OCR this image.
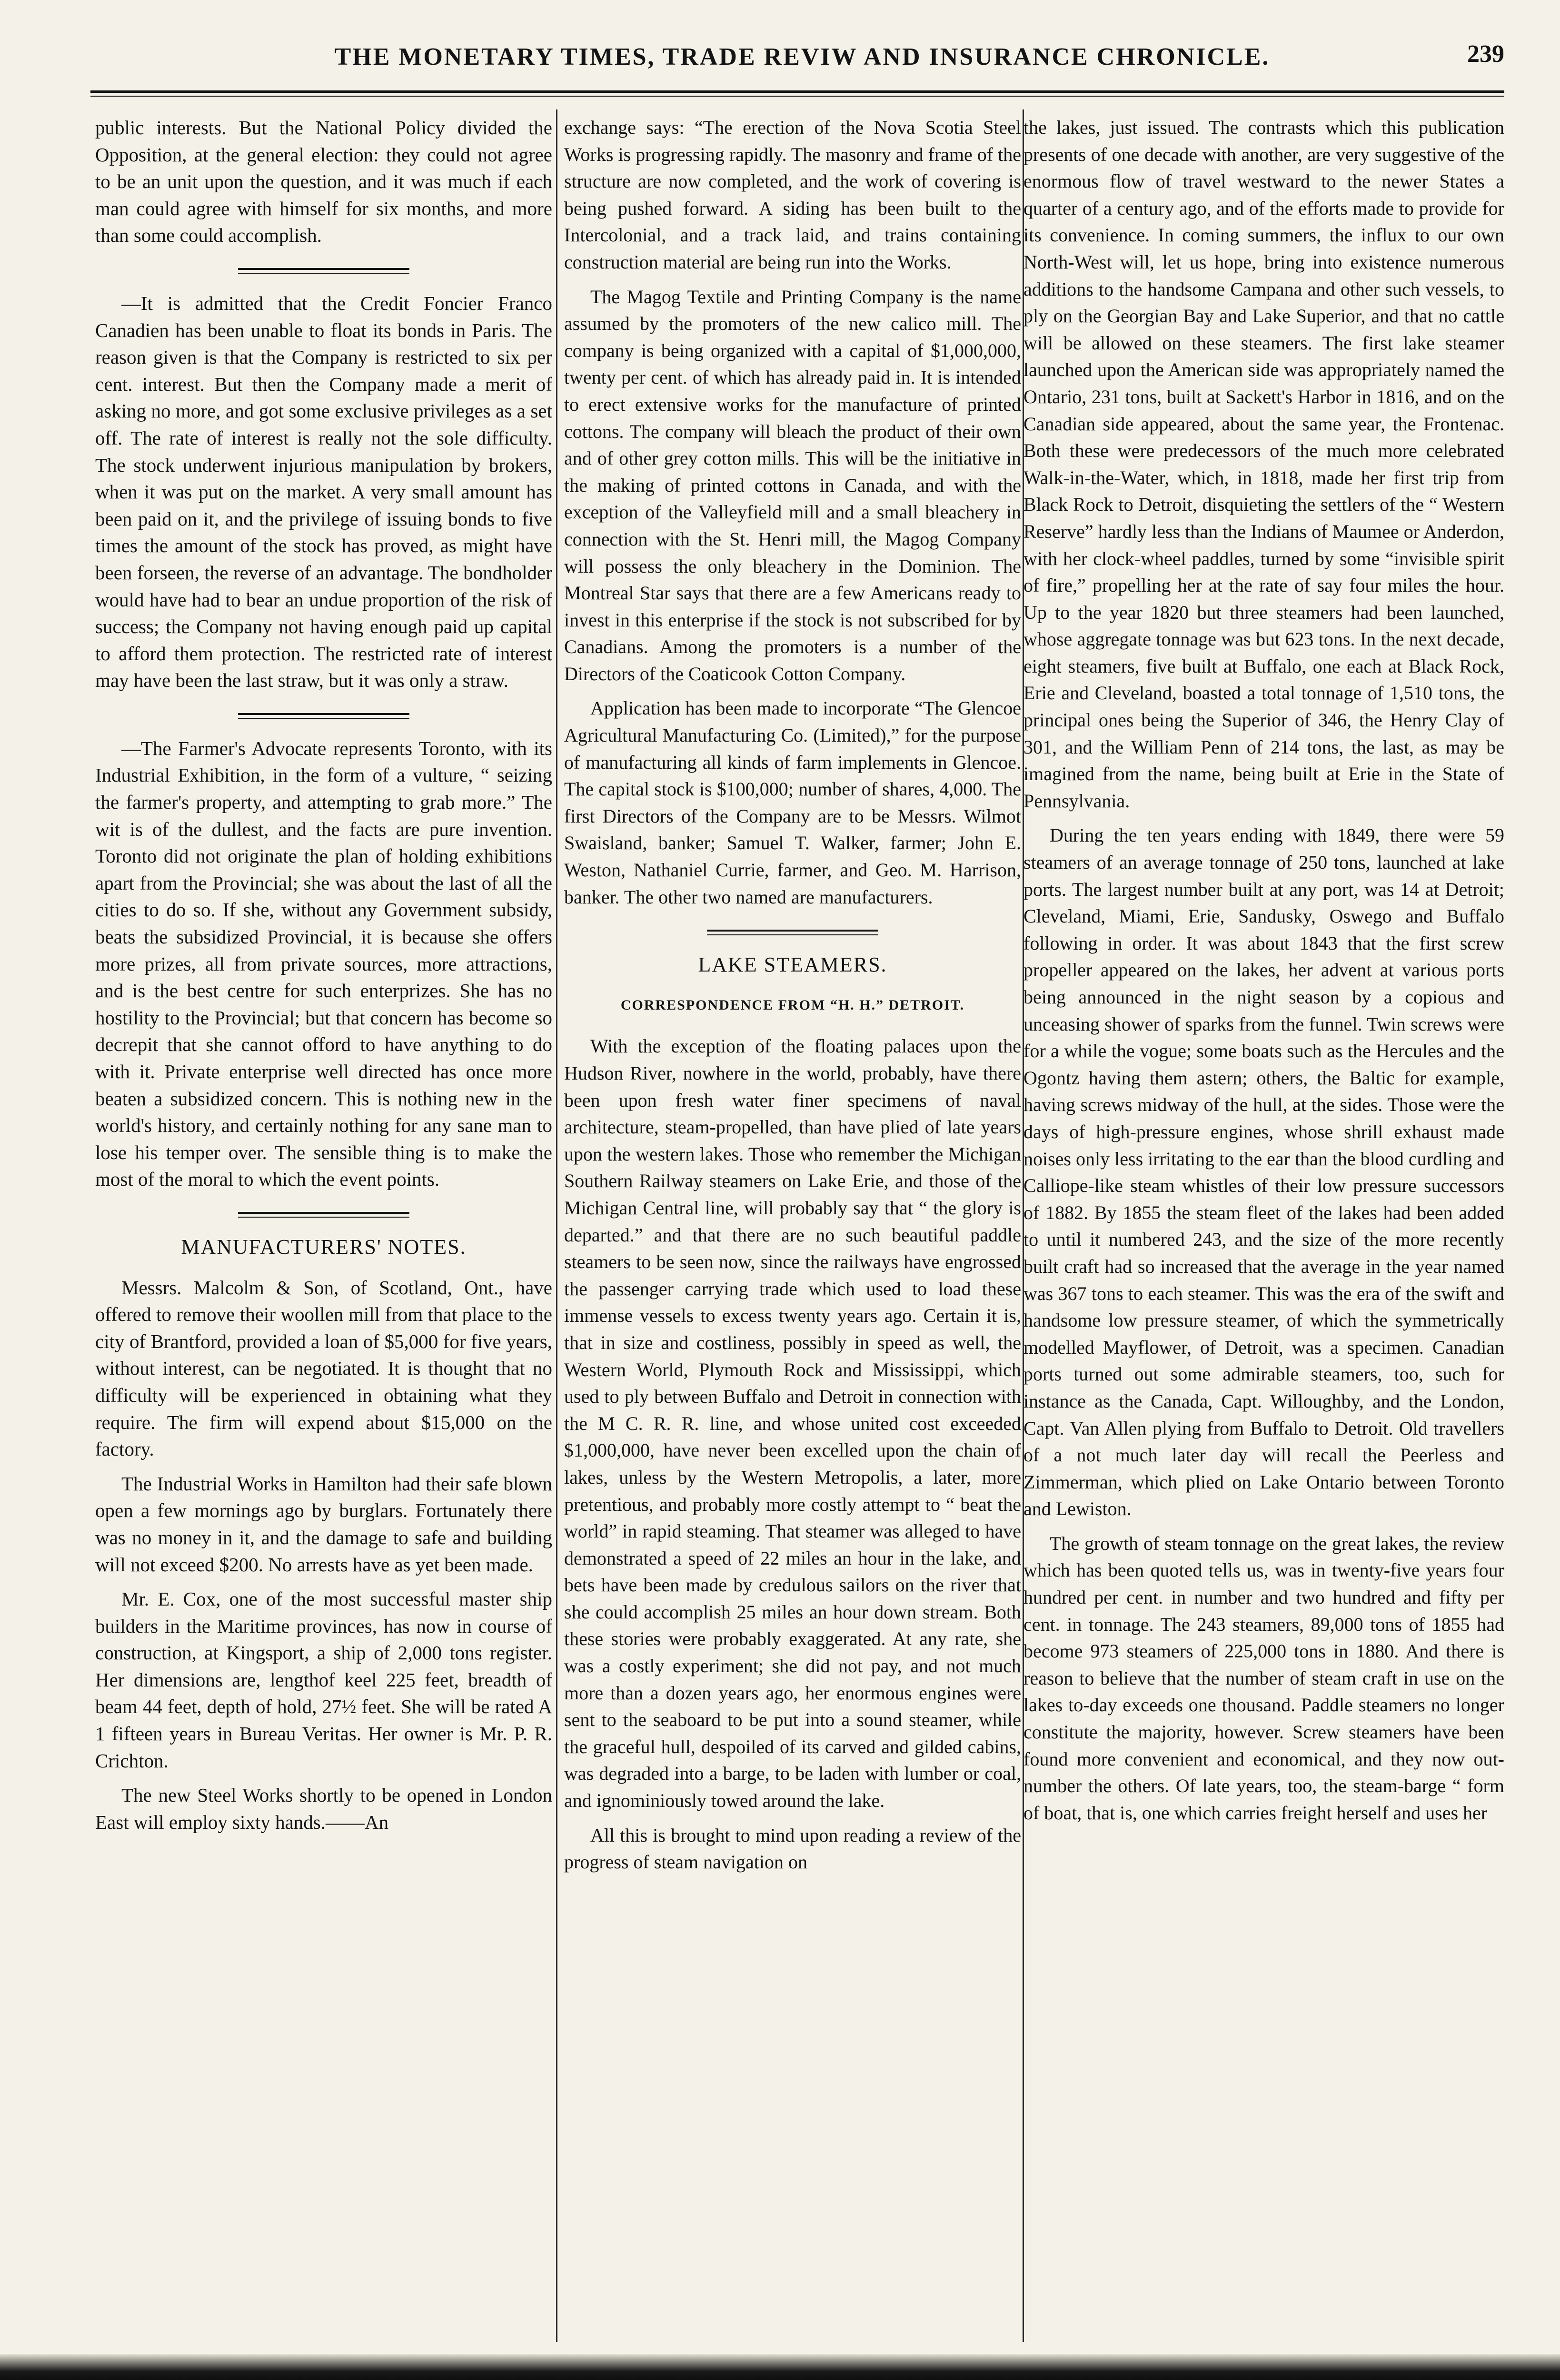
THE MONETARY TIMES, TRADE REVIW AND INSURANCE CHRONICLE.	239

public interests. But the National Policy divided the Opposition, at the general election: they could not agree to be an unit upon the question, and it was much if each man could agree with himself for six months, and more than some could accomplish.

—It is admitted that the Credit Foncier Franco Canadien has been unable to float its bonds in Paris. The reason given is that the Company is restricted to six per cent. interest. But then the Company made a merit of asking no more, and got some exclusive privileges as a set off. The rate of interest is really not the sole difficulty. The stock underwent injurious manipulation by brokers, when it was put on the market. A very small amount has been paid on it, and the privilege of issuing bonds to five times the amount of the stock has proved, as might have been forseen, the reverse of an advantage. The bondholder would have had to bear an undue proportion of the risk of success; the Company not having enough paid up capital to afford them protection. The restricted rate of interest may have been the last straw, but it was only a straw.

—The Farmer's Advocate represents Toronto, with its Industrial Exhibition, in the form of a vulture, “ seizing the farmer's property, and attempting to grab more.” The wit is of the dullest, and the facts are pure invention. Toronto did not originate the plan of holding exhibitions apart from the Provincial; she was about the last of all the cities to do so. If she, without any Government subsidy, beats the subsidized Provincial, it is because she offers more prizes, all from private sources, more attractions, and is the best centre for such enterprizes. She has no hostility to the Provincial; but that concern has become so decrepit that she cannot offord to have anything to do with it. Private enterprise well directed has once more beaten a subsidized concern. This is nothing new in the world's history, and certainly nothing for any sane man to lose his temper over. The sensible thing is to make the most of the moral to which the event points.

MANUFACTURERS' NOTES.

Messrs. Malcolm & Son, of Scotland, Ont., have offered to remove their woollen mill from that place to the city of Brantford, provided a loan of $5,000 for five years, without interest, can be negotiated. It is thought that no difficulty will be experienced in obtaining what they require. The firm will expend about $15,000 on the factory.

The Industrial Works in Hamilton had their safe blown open a few mornings ago by burglars. Fortunately there was no money in it, and the damage to safe and building will not exceed $200. No arrests have as yet been made.

Mr. E. Cox, one of the most successful master ship builders in the Maritime provinces, has now in course of construction, at Kingsport, a ship of 2,000 tons register. Her dimensions are, lengthof keel 225 feet, breadth of beam 44 feet, depth of hold, 27½ feet. She will be rated A 1 fifteen years in Bureau Veritas. Her owner is Mr. P. R. Crichton.

The new Steel Works shortly to be opened in London East will employ sixty hands.——An

exchange says: “The erection of the Nova Scotia Steel Works is progressing rapidly. The masonry and frame of the structure are now completed, and the work of covering is being pushed forward. A siding has been built to the Intercolonial, and a track laid, and trains containing construction material are being run into the Works.

The Magog Textile and Printing Company is the name assumed by the promoters of the new calico mill. The company is being organized with a capital of $1,000,000, twenty per cent. of which has already paid in. It is intended to erect extensive works for the manufacture of printed cottons. The company will bleach the product of their own and of other grey cotton mills. This will be the initiative in the making of printed cottons in Canada, and with the exception of the Valleyfield mill and a small bleachery in connection with the St. Henri mill, the Magog Company will possess the only bleachery in the Dominion. The Montreal Star says that there are a few Americans ready to invest in this enterprise if the stock is not subscribed for by Canadians. Among the promoters is a number of the Directors of the Coaticook Cotton Company.

Application has been made to incorporate “The Glencoe Agricultural Manufacturing Co. (Limited),” for the purpose of manufacturing all kinds of farm implements in Glencoe. The capital stock is $100,000; number of shares, 4,000. The first Directors of the Company are to be Messrs. Wilmot Swaisland, banker; Samuel T. Walker, farmer; John E. Weston, Nathaniel Currie, farmer, and Geo. M. Harrison, banker. The other two named are manufacturers.

LAKE STEAMERS.
CORRESPONDENCE FROM “H. H.” DETROIT.

With the exception of the floating palaces upon the Hudson River, nowhere in the world, probably, have there been upon fresh water finer specimens of naval architecture, steam-propelled, than have plied of late years upon the western lakes. Those who remember the Michigan Southern Railway steamers on Lake Erie, and those of the Michigan Central line, will probably say that “ the glory is departed.” and that there are no such beautiful paddle steamers to be seen now, since the railways have engrossed the passenger carrying trade which used to load these immense vessels to excess twenty years ago. Certain it is, that in size and costliness, possibly in speed as well, the Western World, Plymouth Rock and Mississippi, which used to ply between Buffalo and Detroit in connection with the M C. R. R. line, and whose united cost exceeded $1,000,000, have never been excelled upon the chain of lakes, unless by the Western Metropolis, a later, more pretentious, and probably more costly attempt to “ beat the world” in rapid steaming. That steamer was alleged to have demonstrated a speed of 22 miles an hour in the lake, and bets have been made by credulous sailors on the river that she could accomplish 25 miles an hour down stream. Both these stories were probably exaggerated. At any rate, she was a costly experiment; she did not pay, and not much more than a dozen years ago, her enormous engines were sent to the seaboard to be put into a sound steamer, while the graceful hull, despoiled of its carved and gilded cabins, was degraded into a barge, to be laden with lumber or coal, and ignominiously towed around the lake.

All this is brought to mind upon reading a review of the progress of steam navigation on

the lakes, just issued. The contrasts which this publication presents of one decade with another, are very suggestive of the enormous flow of travel westward to the newer States a quarter of a century ago, and of the efforts made to provide for its convenience. In coming summers, the influx to our own North-West will, let us hope, bring into existence numerous additions to the handsome Campana and other such vessels, to ply on the Georgian Bay and Lake Superior, and that no cattle will be allowed on these steamers. The first lake steamer launched upon the American side was appropriately named the Ontario, 231 tons, built at Sackett's Harbor in 1816, and on the Canadian side appeared, about the same year, the Frontenac. Both these were predecessors of the much more celebrated Walk-in-the-Water, which, in 1818, made her first trip from Black Rock to Detroit, disquieting the settlers of the “ Western Reserve” hardly less than the Indians of Maumee or Anderdon, with her clock-wheel paddles, turned by some “invisible spirit of fire,” propelling her at the rate of say four miles the hour. Up to the year 1820 but three steamers had been launched, whose aggregate tonnage was but 623 tons. In the next decade, eight steamers, five built at Buffalo, one each at Black Rock, Erie and Cleveland, boasted a total tonnage of 1,510 tons, the principal ones being the Superior of 346, the Henry Clay of 301, and the William Penn of 214 tons, the last, as may be imagined from the name, being built at Erie in the State of Pennsylvania.

During the ten years ending with 1849, there were 59 steamers of an average tonnage of 250 tons, launched at lake ports. The largest number built at any port, was 14 at Detroit; Cleveland, Miami, Erie, Sandusky, Oswego and Buffalo following in order. It was about 1843 that the first screw propeller appeared on the lakes, her advent at various ports being announced in the night season by a copious and unceasing shower of sparks from the funnel. Twin screws were for a while the vogue; some boats such as the Hercules and the Ogontz having them astern; others, the Baltic for example, having screws midway of the hull, at the sides. Those were the days of high-pressure engines, whose shrill exhaust made noises only less irritating to the ear than the blood curdling and Calliope-like steam whistles of their low pressure successors of 1882. By 1855 the steam fleet of the lakes had been added to until it numbered 243, and the size of the more recently built craft had so increased that the average in the year named was 367 tons to each steamer. This was the era of the swift and handsome low pressure steamer, of which the symmetrically modelled Mayflower, of Detroit, was a specimen. Canadian ports turned out some admirable steamers, too, such for instance as the Canada, Capt. Willoughby, and the London, Capt. Van Allen plying from Buffalo to Detroit. Old travellers of a not much later day will recall the Peerless and Zimmerman, which plied on Lake Ontario between Toronto and Lewiston.

The growth of steam tonnage on the great lakes, the review which has been quoted tells us, was in twenty-five years four hundred per cent. in number and two hundred and fifty per cent. in tonnage. The 243 steamers, 89,000 tons of 1855 had become 973 steamers of 225,000 tons in 1880. And there is reason to believe that the number of steam craft in use on the lakes to-day exceeds one thousand. Paddle steamers no longer constitute the majority, however. Screw steamers have been found more convenient and economical, and they now out-number the others. Of late years, too, the steam-barge “ form of boat, that is, one which carries freight herself and uses her
